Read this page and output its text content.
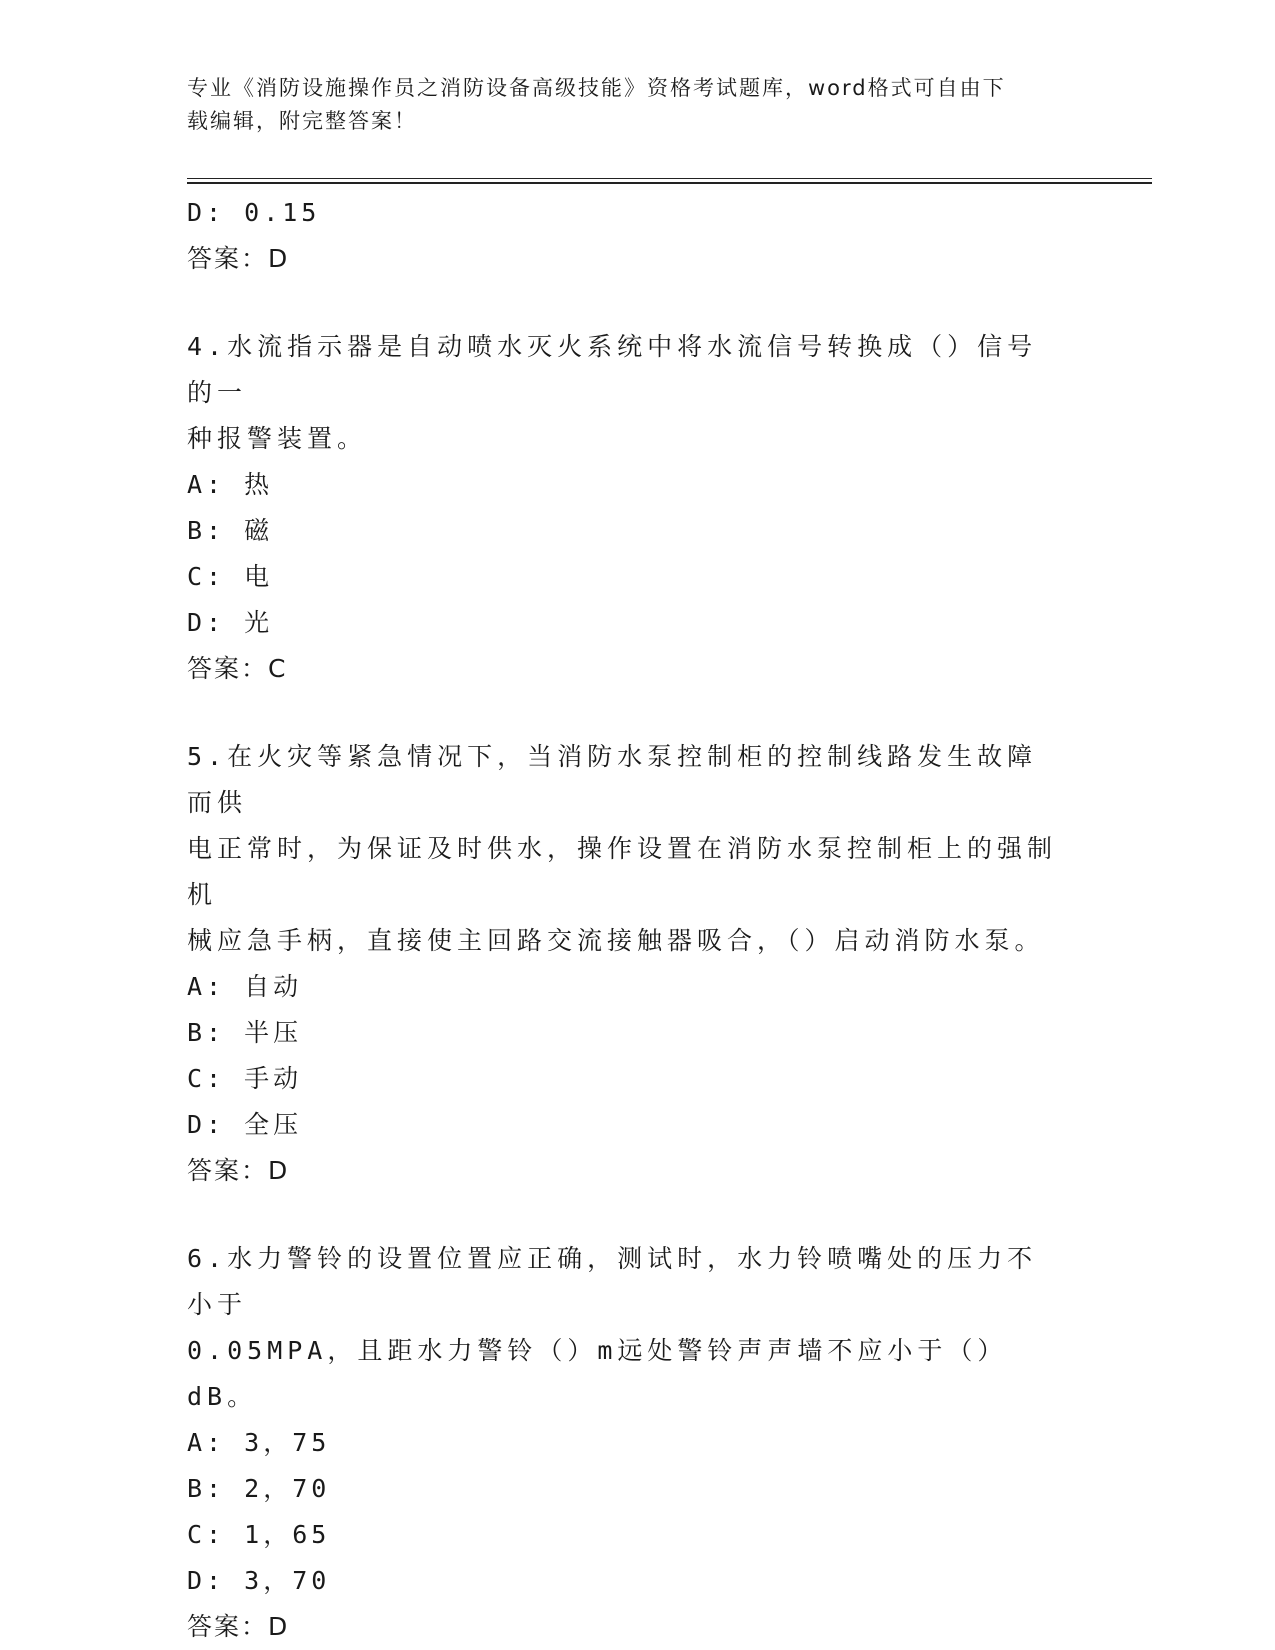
专业《消防设施操作员之消防设备高级技能》资格考试题库，word格式可自由下
载编辑，附完整答案！
D: 0.15
答案：D
4.水流指示器是自动喷水灭火系统中将水流信号转换成（）信号的一
种报警装置。
A: 热
B: 磁
C: 电
D: 光
答案：C
5.在火灾等紧急情况下，当消防水泵控制柜的控制线路发生故障而供
电正常时，为保证及时供水，操作设置在消防水泵控制柜上的强制机
械应急手柄，直接使主回路交流接触器吸合，（）启动消防水泵。
A: 自动
B: 半压
C: 手动
D: 全压
答案：D
6.水力警铃的设置位置应正确，测试时，水力铃喷嘴处的压力不小于
0.05MPA，且距水力警铃（）m远处警铃声声墙不应小于（）dB。
A: 3，75
B: 2，70
C: 1，65
D: 3，70
答案：D
